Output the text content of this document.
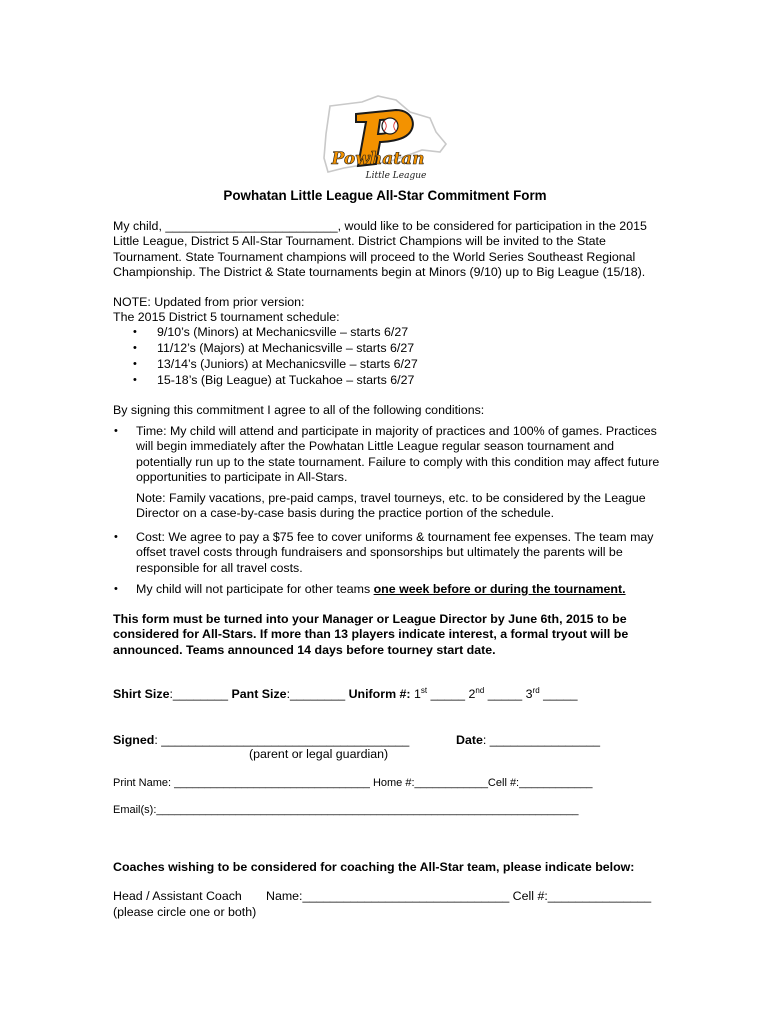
Powhatan
Little League
Powhatan Little League All-Star Commitment Form

My child, _________________________, would like to be considered for participation in the 2015 Little League, District 5 All-Star Tournament. District Champions will be invited to the State Tournament. State Tournament champions will proceed to the World Series Southeast Regional Championship. The District & State tournaments begin at Minors (9/10) up to Big League (15/18).

NOTE: Updated from prior version:
The 2015 District 5 tournament schedule:
• 9/10’s (Minors) at Mechanicsville – starts 6/27
• 11/12’s (Majors) at Mechanicsville – starts 6/27
• 13/14’s (Juniors) at Mechanicsville – starts 6/27
• 15-18’s (Big League) at Tuckahoe – starts 6/27
By signing this commitment I agree to all of the following conditions:
• Time: My child will attend and participate in majority of practices and 100% of games. Practices will begin immediately after the Powhatan Little League regular season tournament and potentially run up to the state tournament. Failure to comply with this condition may affect future opportunities to participate in All-Stars.

Note: Family vacations, pre-paid camps, travel tourneys, etc. to be considered by the League Director on a case-by-case basis during the practice portion of the schedule.

• Cost: We agree to pay a $75 fee to cover uniforms & tournament fee expenses. The team may offset travel costs through fundraisers and sponsorships but ultimately the parents will be responsible for all travel costs.

• My child will not participate for other teams one week before or during the tournament.

This form must be turned into your Manager or League Director by June 6th, 2015 to be considered for All-Stars. If more than 13 players indicate interest, a formal tryout will be announced. Teams announced 14 days before tourney start date.

Shirt Size:________ Pant Size:________ Uniform #: 1st _____ 2nd _____ 3rd _____
Signed: ____________________________________	Date: ________________
(parent or legal guardian)
Print Name: ________________________________ Home #:____________Cell #:____________
Email(s):_____________________________________________________________________
Coaches wishing to be considered for coaching the All-Star team, please indicate below:
Head / Assistant Coach Name:______________________________ Cell #:_______________
(please circle one or both)
